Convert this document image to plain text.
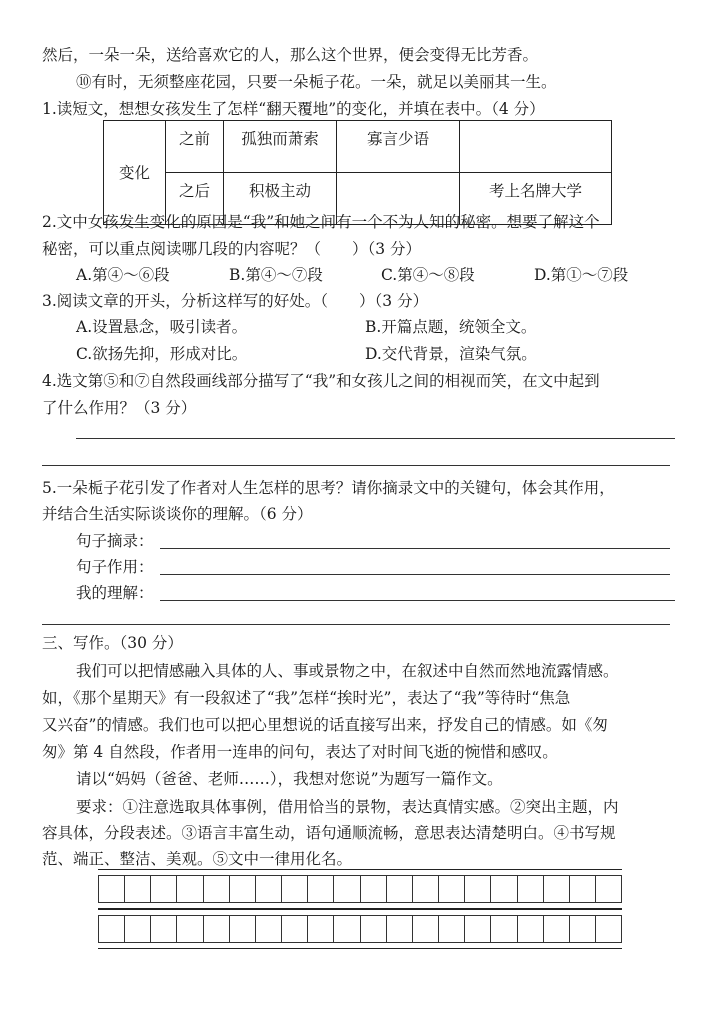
然后，一朵一朵，送给喜欢它的人，那么这个世界，便会变得无比芳香。
⑩有时，无须整座花园，只要一朵栀子花。一朵，就足以美丽其一生。
1.读短文，想想女孩发生了怎样“翻天覆地”的变化，并填在表中。（4 分）
变化	之前	孤独而萧索	寡言少语	
	之后	积极主动		考上名牌大学
2.文中女孩发生变化的原因是“我”和她之间有一个不为人知的秘密。想要了解这个
秘密，可以重点阅读哪几段的内容呢？（　　）（3 分）
A.第④～⑥段	B.第④～⑦段	C.第④～⑧段	D.第①～⑦段
3.阅读文章的开头，分析这样写的好处。（　　）（3 分）
A.设置悬念，吸引读者。	B.开篇点题，统领全文。
C.欲扬先抑，形成对比。	D.交代背景，渲染气氛。
4.选文第⑤和⑦自然段画线部分描写了“我”和女孩儿之间的相视而笑，在文中起到
了什么作用？（3 分）
5.一朵栀子花引发了作者对人生怎样的思考？请你摘录文中的关键句，体会其作用，
并结合生活实际谈谈你的理解。（6 分）
句子摘录：
句子作用：
我的理解：
三、写作。（30 分）
我们可以把情感融入具体的人、事或景物之中，在叙述中自然而然地流露情感。
如，《那个星期天》有一段叙述了“我”怎样“挨时光”，表达了“我”等待时“焦急
又兴奋”的情感。我们也可以把心里想说的话直接写出来，抒发自己的情感。如《匆
匆》第 4 自然段，作者用一连串的问句，表达了对时间飞逝的惋惜和感叹。
请以“妈妈（爸爸、老师……），我想对您说”为题写一篇作文。
要求：①注意选取具体事例，借用恰当的景物，表达真情实感。②突出主题，内
容具体，分段表述。③语言丰富生动，语句通顺流畅，意思表达清楚明白。④书写规
范、端正、整洁、美观。⑤文中一律用化名。
